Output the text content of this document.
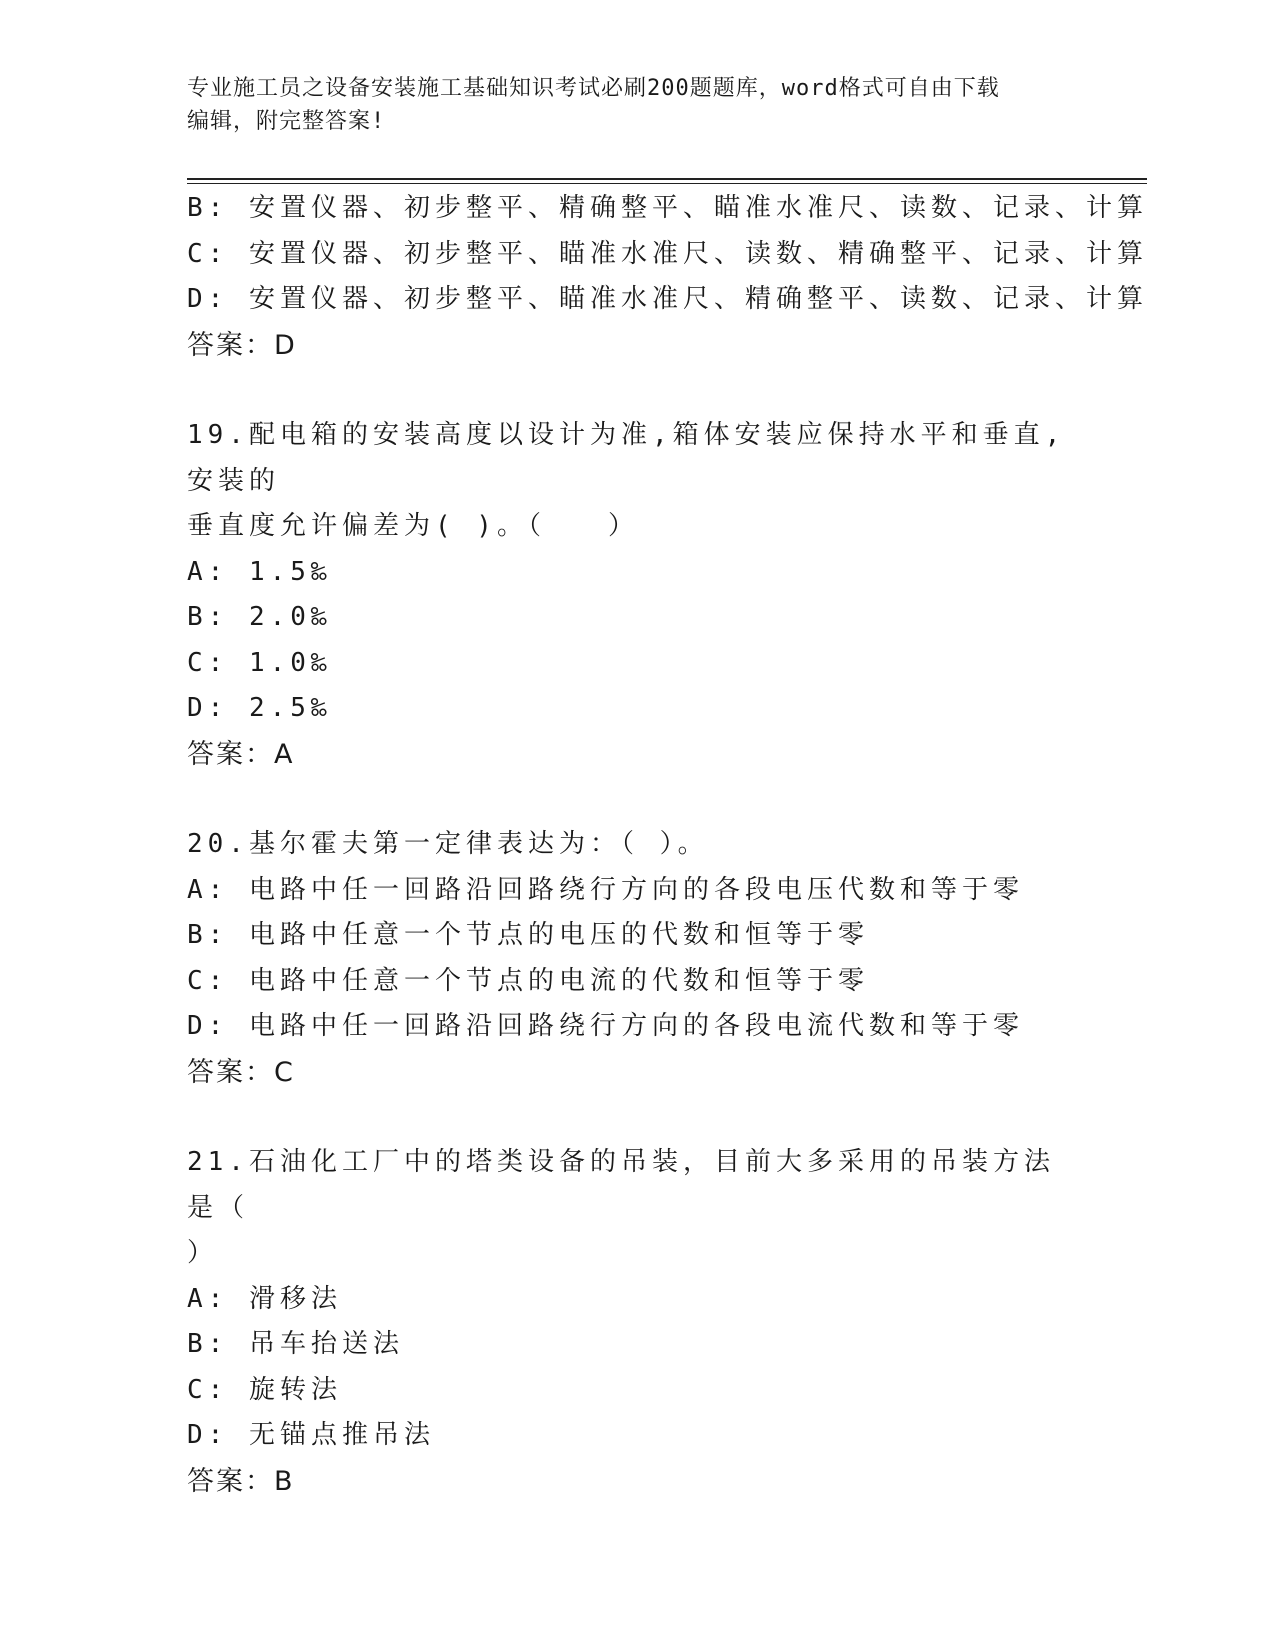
专业施工员之设备安装施工基础知识考试必刷200题题库，word格式可自由下载
编辑，附完整答案!
B: 安置仪器、初步整平、精确整平、瞄准水准尺、读数、记录、计算
C: 安置仪器、初步整平、瞄准水准尺、读数、精确整平、记录、计算
D: 安置仪器、初步整平、瞄准水准尺、精确整平、读数、记录、计算
答案：D
19.配电箱的安装高度以设计为准,箱体安装应保持水平和垂直,安装的
垂直度允许偏差为( )。（　　）
A: 1.5‰
B: 2.0‰
C: 1.0‰
D: 2.5‰
答案：A
20.基尔霍夫第一定律表达为：（ ）。
A: 电路中任一回路沿回路绕行方向的各段电压代数和等于零
B: 电路中任意一个节点的电压的代数和恒等于零
C: 电路中任意一个节点的电流的代数和恒等于零
D: 电路中任一回路沿回路绕行方向的各段电流代数和等于零
答案：C
21.石油化工厂中的塔类设备的吊装，目前大多采用的吊装方法是（
）
A: 滑移法
B: 吊车抬送法
C: 旋转法
D: 无锚点推吊法
答案：B
